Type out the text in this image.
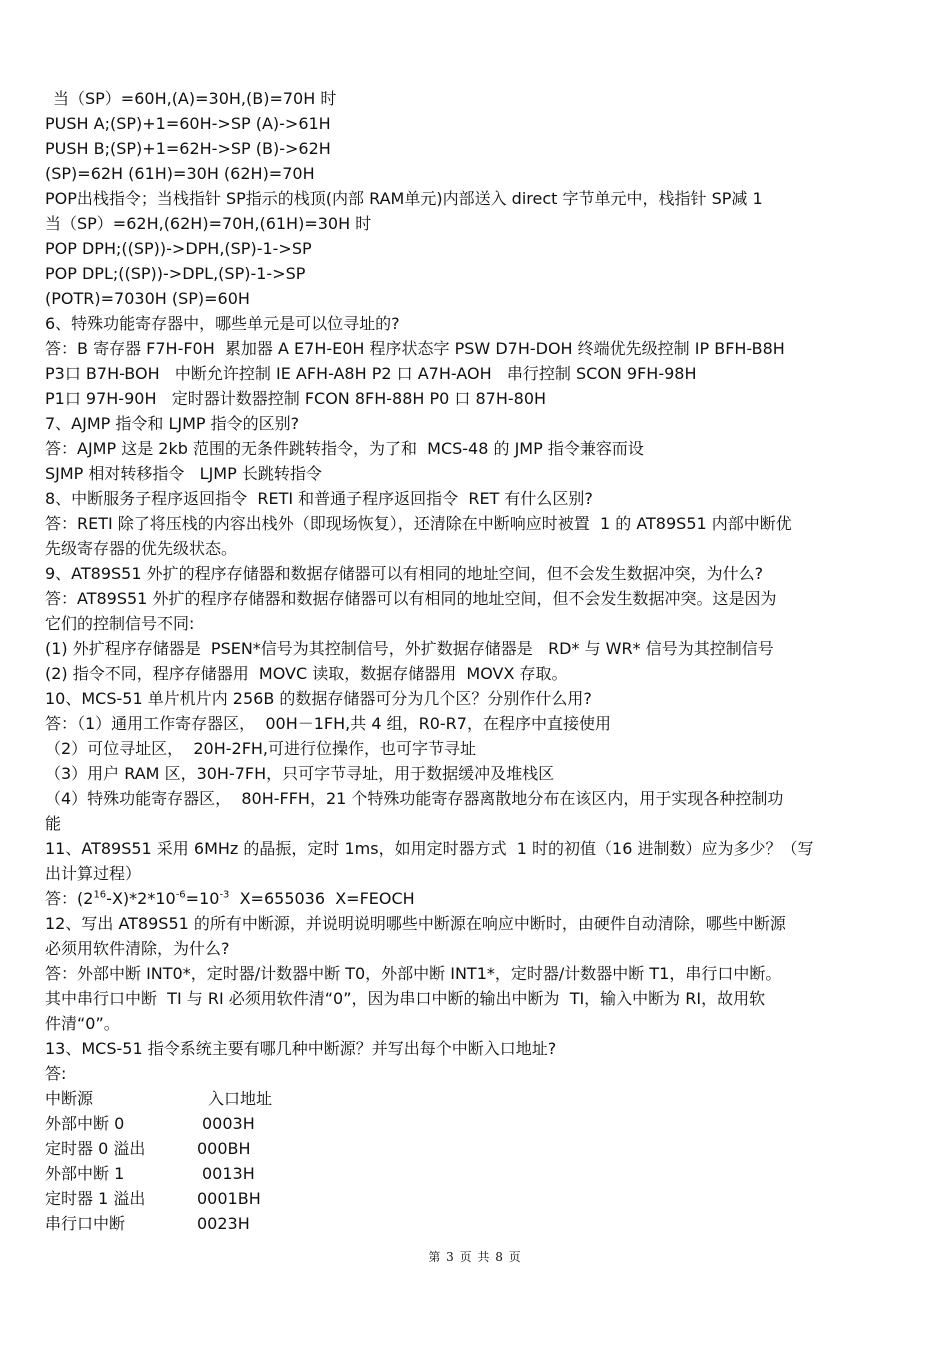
当（SP）=60H,(A)=30H,(B)=70H 时
PUSH A;(SP)+1=60H->SP (A)->61H
PUSH B;(SP)+1=62H->SP (B)->62H
(SP)=62H (61H)=30H (62H)=70H
POP出栈指令；当栈指针 SP指示的栈顶(内部 RAM单元)内部送入 direct 字节单元中，栈指针 SP减 1
当（SP）=62H,(62H)=70H,(61H)=30H 时
POP DPH;((SP))->DPH,(SP)-1->SP
POP DPL;((SP))->DPL,(SP)-1->SP
(POTR)=7030H (SP)=60H
6、特殊功能寄存器中，哪些单元是可以位寻址的?
答：B 寄存器 F7H-F0H  累加器 A E7H-E0H 程序状态字 PSW D7H-DOH 终端优先级控制 IP BFH-B8H
P3口 B7H-BOH   中断允许控制 IE AFH-A8H P2 口 A7H-AOH   串行控制 SCON 9FH-98H
P1口 97H-90H   定时器计数器控制 FCON 8FH-88H P0 口 87H-80H
7、AJMP 指令和 LJMP 指令的区别?
答：AJMP 这是 2kb 范围的无条件跳转指令，为了和  MCS-48 的 JMP 指令兼容而设
SJMP 相对转移指令   LJMP 长跳转指令
8、中断服务子程序返回指令  RETI 和普通子程序返回指令  RET 有什么区别?
答：RETI 除了将压栈的内容出栈外（即现场恢复），还清除在中断响应时被置  1 的 AT89S51 内部中断优
先级寄存器的优先级状态。
9、AT89S51 外扩的程序存储器和数据存储器可以有相同的地址空间，但不会发生数据冲突，为什么?
答：AT89S51 外扩的程序存储器和数据存储器可以有相同的地址空间，但不会发生数据冲突。这是因为
它们的控制信号不同:
(1) 外扩程序存储器是  PSEN*信号为其控制信号，外扩数据存储器是   RD* 与 WR* 信号为其控制信号
(2) 指令不同，程序存储器用  MOVC 读取，数据存储器用  MOVX 存取。
10、MCS-51 单片机片内 256B 的数据存储器可分为几个区？分别作什么用?
答：（1）通用工作寄存器区，  00H－1FH,共 4 组，R0-R7，在程序中直接使用
（2）可位寻址区，  20H-2FH,可进行位操作，也可字节寻址
（3）用户 RAM 区，30H-7FH，只可字节寻址，用于数据缓冲及堆栈区
（4）特殊功能寄存器区，  80H-FFH，21 个特殊功能寄存器离散地分布在该区内，用于实现各种控制功
能
11、AT89S51 采用 6MHz 的晶振，定时 1ms，如用定时器方式  1 时的初值（16 进制数）应为多少？（写
出计算过程）
答：$(2^{16}-X)*2*10^{-6}=10^{-3}$  X=655036  X=FEOCH
12、写出 AT89S51 的所有中断源，并说明说明哪些中断源在响应中断时，由硬件自动清除，哪些中断源
必须用软件清除，为什么?
答：外部中断 INT0*，定时器/计数器中断 T0，外部中断 INT1*，定时器/计数器中断 T1，串行口中断。
其中串行口中断  TI 与 RI 必须用软件清“0”，因为串口中断的输出中断为  TI，输入中断为 RI，故用软
件清“0”。
13、MCS-51 指令系统主要有哪几种中断源？并写出每个中断入口地址?
答:
中断源	入口地址
外部中断 0	0003H
定时器 0 溢出	000BH
外部中断 1	0013H
定时器 1 溢出	0001BH
串行口中断	0023H
第 3 页 共 8 页
